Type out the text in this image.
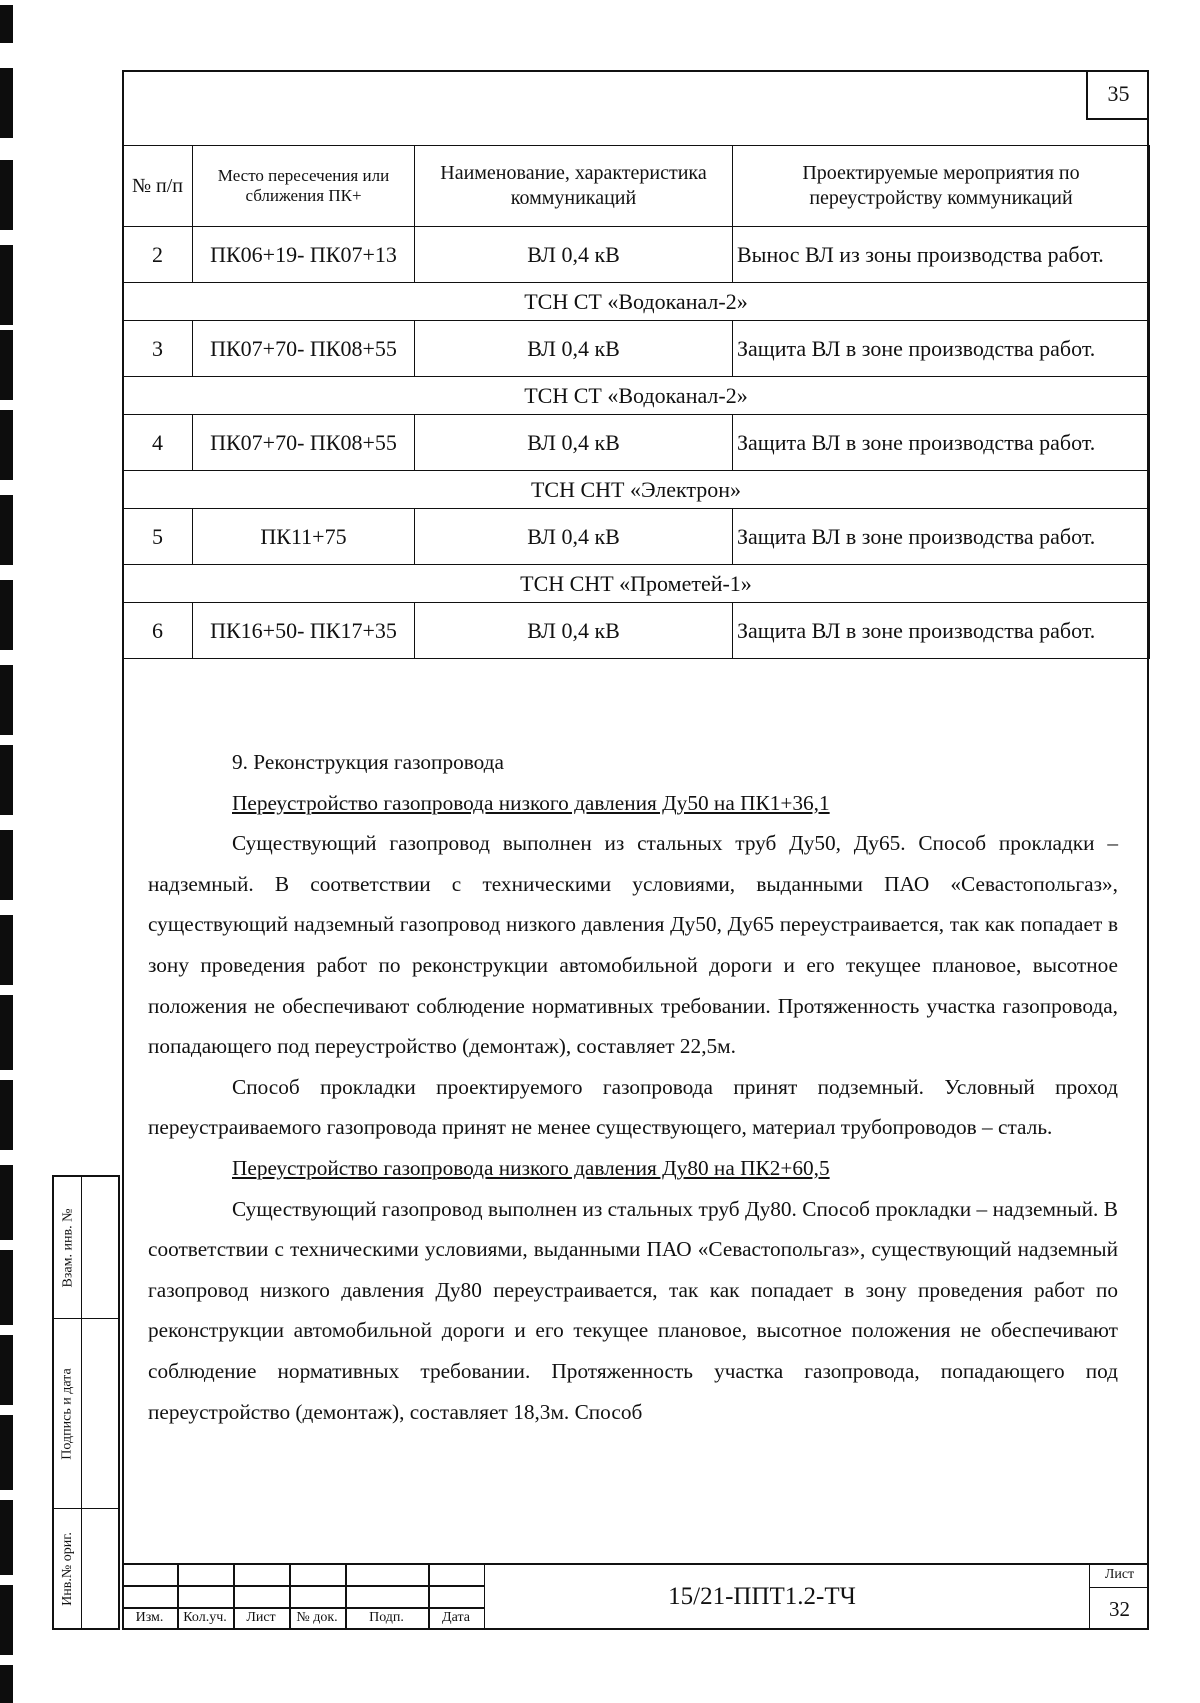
35
№ п/п	Место пересечения или сближения ПК+	Наименование, характеристика коммуникаций	Проектируемые мероприятия по переустройству коммуникаций
2	ПК06+19- ПК07+13	ВЛ 0,4 кВ	Вынос ВЛ из зоны производства работ.
ТСН СТ «Водоканал-2»			
3	ПК07+70- ПК08+55	ВЛ 0,4 кВ	Защита ВЛ в зоне производства работ.
ТСН СТ «Водоканал-2»			
4	ПК07+70- ПК08+55	ВЛ 0,4 кВ	Защита ВЛ в зоне производства работ.
ТСН СНТ «Электрон»			
5	ПК11+75	ВЛ 0,4 кВ	Защита ВЛ в зоне производства работ.
ТСН СНТ «Прометей-1»			
6	ПК16+50- ПК17+35	ВЛ 0,4 кВ	Защита ВЛ в зоне производства работ.

9. Реконструкция газопровода

Переустройство газопровода низкого давления Ду50 на ПК1+36,1

Существующий газопровод выполнен из стальных труб Ду50, Ду65. Способ прокладки – надземный. В соответствии с техническими условиями, выданными ПАО «Севастопольгаз», существующий надземный газопровод низкого давления Ду50, Ду65 переустраивается, так как попадает в зону проведения работ по реконструкции автомобильной дороги и его текущее плановое, высотное положения не обеспечивают соблюдение нормативных требовании. Протяженность участка газопровода, попадающего под переустройство (демонтаж), составляет 22,5м.

Способ прокладки проектируемого газопровода принят подземный. Условный проход переустраиваемого газопровода принят не менее существующего, материал трубопроводов – сталь.

Переустройство газопровода низкого давления Ду80 на ПК2+60,5

Существующий газопровод выполнен из стальных труб Ду80. Способ прокладки – надземный. В соответствии с техническими условиями, выданными ПАО «Севастопольгаз», существующий надземный газопровод низкого давления Ду80 переустраивается, так как попадает в зону проведения работ по реконструкции автомобильной дороги и его текущее плановое, высотное положения не обеспечивают соблюдение нормативных требовании. Протяженность участка газопровода, попадающего под переустройство (демонтаж), составляет 18,3м. Способ

Взам. инв. №
Подпись и дата
Инв.№ ориг.
Изм.	Кол.уч.	Лист	№ док.	Подп.	Дата
15/21-ППТ1.2-ТЧ
Лист
32
